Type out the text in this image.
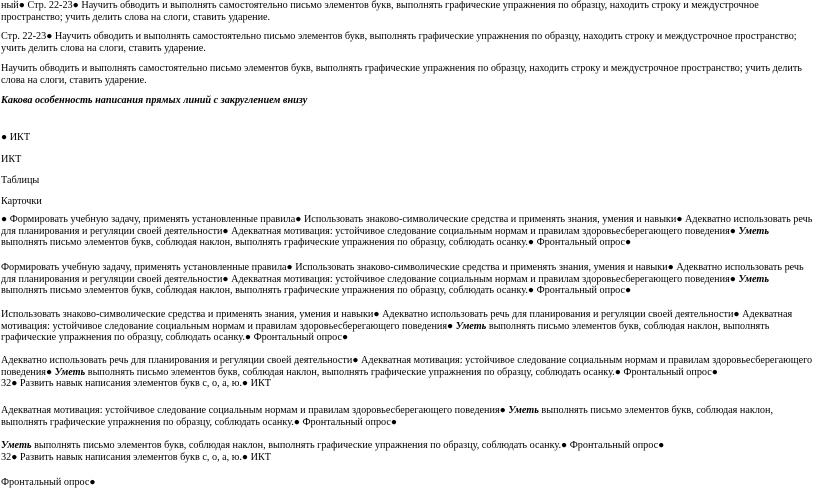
ный● Стр. 22-23● Научить обводить и выполнять самостоятельно письмо элементов букв, выполнять графические упражнения по образцу, находить строку и междустрочное пространство; учить делить слова на слоги, ставить ударение.

Стр. 22-23● Научить обводить и выполнять самостоятельно письмо элементов букв, выполнять графические упражнения по образцу, находить строку и междустрочное пространство; учить делить слова на слоги, ставить ударение.

Научить обводить и выполнять самостоятельно письмо элементов букв, выполнять графические упражнения по образцу, находить строку и междустрочное пространство; учить делить слова на слоги, ставить ударение.

Какова особенность написания прямых линий с закруглением внизу

● ИКТ

ИКТ

Таблицы

Карточки

● Формировать учебную задачу, применять установленные правила● Использовать знаково-символические средства и применять знания, умения и навыки● Адекватно использовать речь для планирования и регуляции своей деятельности● Адекватная мотивация: устойчивое следование социальным нормам и правилам здоровьесберегающего поведения● Уметь выполнять письмо элементов букв, соблюдая наклон, выполнять графические упражнения по образцу, соблюдать осанку.● Фронтальный опрос●

Формировать учебную задачу, применять установленные правила● Использовать знаково-символические средства и применять знания, умения и навыки● Адекватно использовать речь для планирования и регуляции своей деятельности● Адекватная мотивация: устойчивое следование социальным нормам и правилам здоровьесберегающего поведения● Уметь выполнять письмо элементов букв, соблюдая наклон, выполнять графические упражнения по образцу, соблюдать осанку.● Фронтальный опрос●

Использовать знаково-символические средства и применять знания, умения и навыки● Адекватно использовать речь для планирования и регуляции своей деятельности● Адекватная мотивация: устойчивое следование социальным нормам и правилам здоровьесберегающего поведения● Уметь выполнять письмо элементов букв, соблюдая наклон, выполнять графические упражнения по образцу, соблюдать осанку.● Фронтальный опрос●

Адекватно использовать речь для планирования и регуляции своей деятельности● Адекватная мотивация: устойчивое следование социальным нормам и правилам здоровьесберегающего поведения● Уметь выполнять письмо элементов букв, соблюдая наклон, выполнять графические упражнения по образцу, соблюдать осанку.● Фронтальный опрос●
32● Развить навык написания элементов букв с, о, а, ю.● ИКТ

Адекватная мотивация: устойчивое следование социальным нормам и правилам здоровьесберегающего поведения● Уметь выполнять письмо элементов букв, соблюдая наклон, выполнять графические упражнения по образцу, соблюдать осанку.● Фронтальный опрос●

Уметь выполнять письмо элементов букв, соблюдая наклон, выполнять графические упражнения по образцу, соблюдать осанку.● Фронтальный опрос●
32● Развить навык написания элементов букв с, о, а, ю.● ИКТ

Фронтальный опрос●
